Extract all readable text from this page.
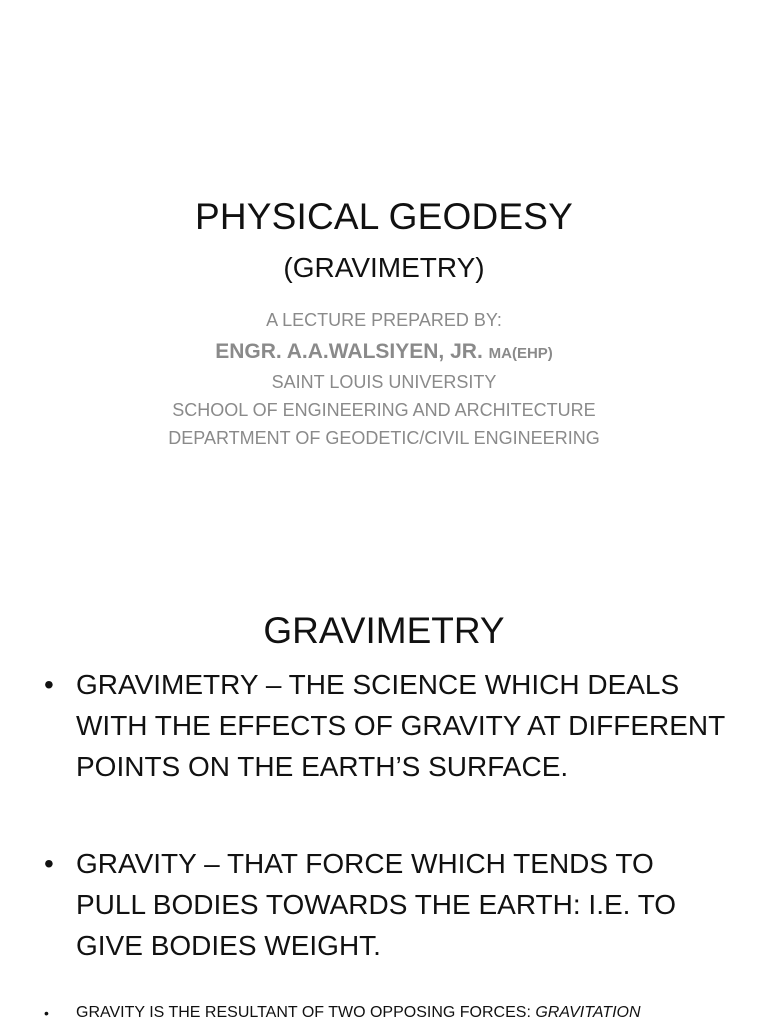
PHYSICAL GEODESY
(GRAVIMETRY)
A LECTURE PREPARED BY:
ENGR. A.A.WALSIYEN, JR. MA(EHP)
SAINT LOUIS UNIVERSITY
SCHOOL OF ENGINEERING AND ARCHITECTURE
DEPARTMENT OF GEODETIC/CIVIL ENGINEERING
GRAVIMETRY
• GRAVIMETRY – THE SCIENCE WHICH DEALS
WITH THE EFFECTS OF GRAVITY AT DIFFERENT
POINTS ON THE EARTH’S SURFACE.
• GRAVITY – THAT FORCE WHICH TENDS TO
PULL BODIES TOWARDS THE EARTH: I.E. TO
GIVE BODIES WEIGHT.
• GRAVITY IS THE RESULTANT OF TWO OPPOSING FORCES: GRAVITATION
